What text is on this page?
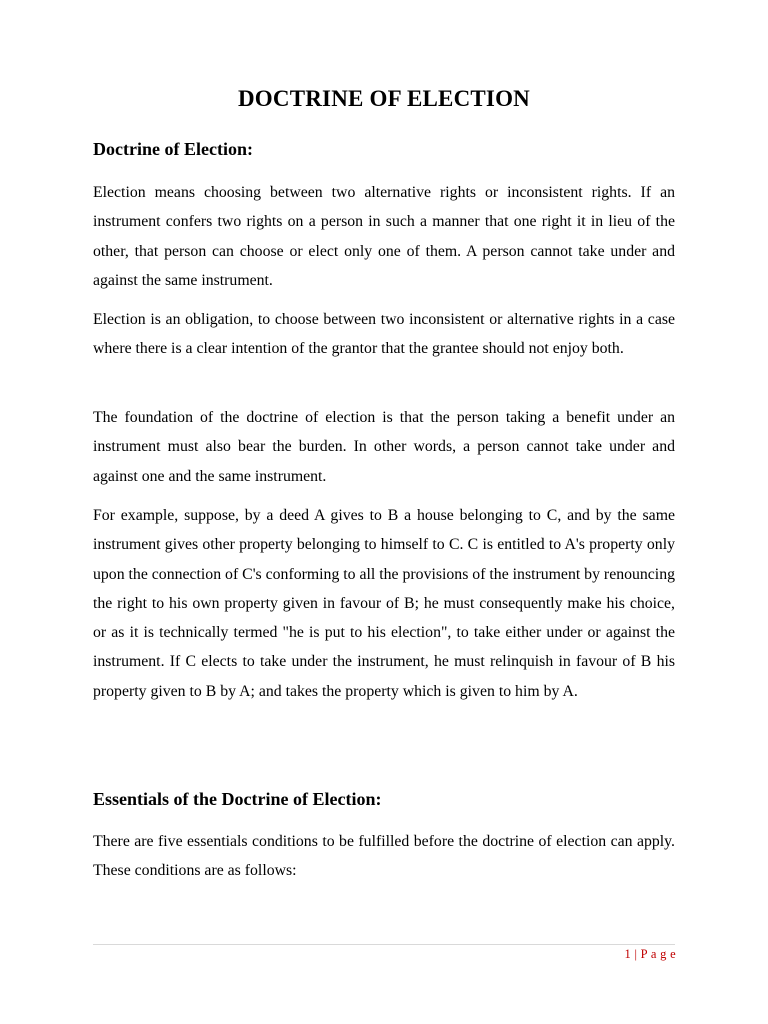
DOCTRINE OF ELECTION
Doctrine of Election:

Election means choosing between two alternative rights or inconsistent rights. If an instrument confers two rights on a person in such a manner that one right it in lieu of the other, that person can choose or elect only one of them. A person cannot take under and against the same instrument.

Election is an obligation, to choose between two inconsistent or alternative rights in a case where there is a clear intention of the grantor that the grantee should not enjoy both.

The foundation of the doctrine of election is that the person taking a benefit under an instrument must also bear the burden. In other words, a person cannot take under and against one and the same instrument.

For example, suppose, by a deed A gives to B a house belonging to C, and by the same instrument gives other property belonging to himself to C. C is entitled to A's property only upon the connection of C's conforming to all the provisions of the instrument by renouncing the right to his own property given in favour of B; he must consequently make his choice, or as it is technically termed "he is put to his election", to take either under or against the instrument. If C elects to take under the instrument, he must relinquish in favour of B his property given to B by A; and takes the property which is given to him by A.

Essentials of the Doctrine of Election:

There are five essentials conditions to be fulfilled before the doctrine of election can apply. These conditions are as follows:

1 | P a g e
